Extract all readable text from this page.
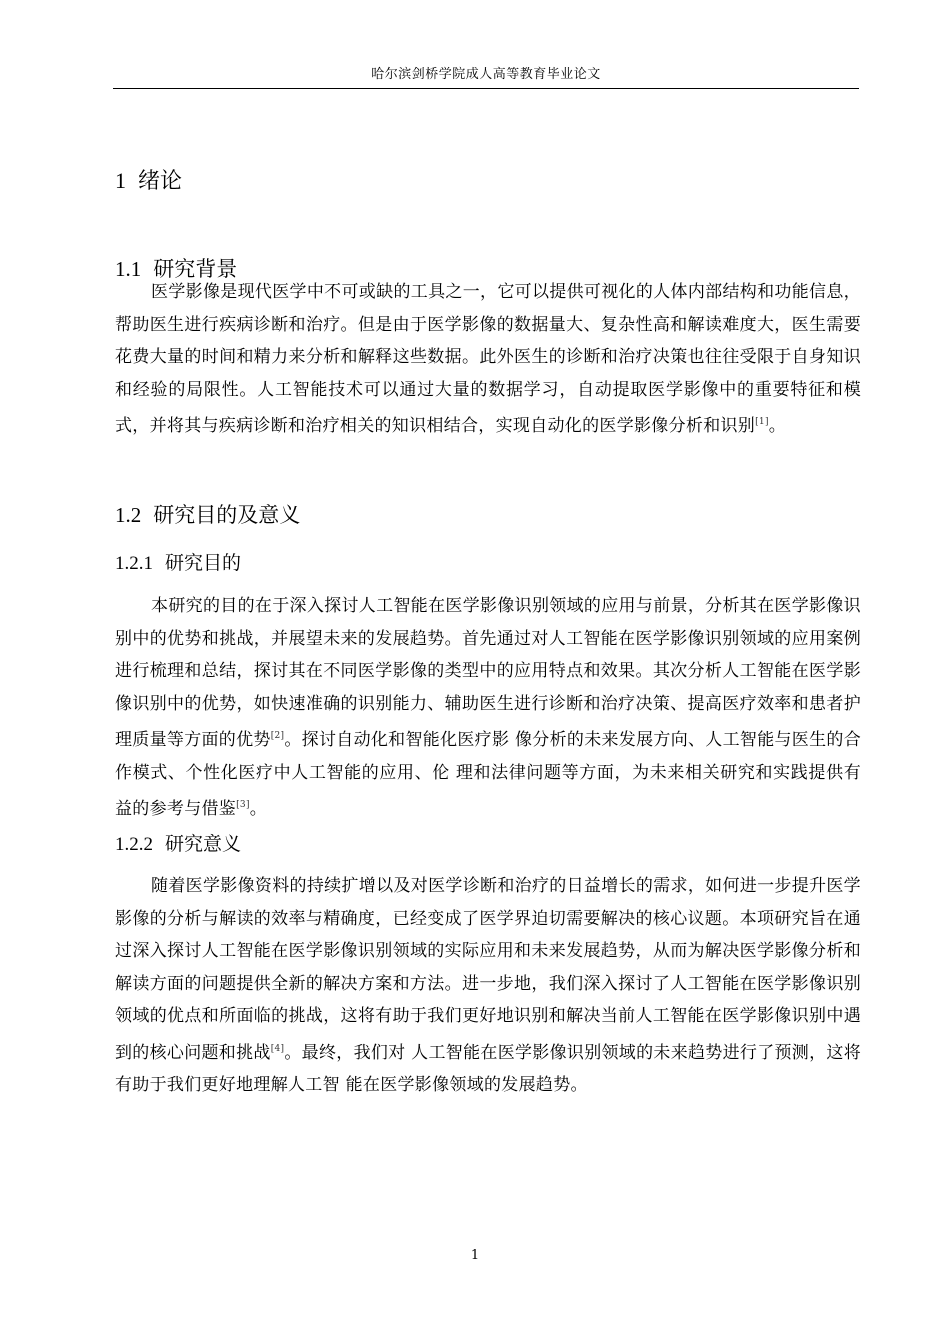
哈尔滨剑桥学院成人高等教育毕业论文
1 绪论
1.1 研究背景

医学影像是现代医学中不可或缺的工具之一，它可以提供可视化的人体内部结构和功能信息，帮助医生进行疾病诊断和治疗。但是由于医学影像的数据量大、复杂性高和解读难度大，医生需要花费大量的时间和精力来分析和解释这些数据。此外医生的诊断和治疗决策也往往受限于自身知识和经验的局限性。人工智能技术可以通过大量的数据学习，自动提取医学影像中的重要特征和模式，并将其与疾病诊断和治疗相关的知识相结合，实现自动化的医学影像分析和识别[1]。

1.2 研究目的及意义
1.2.1 研究目的

本研究的目的在于深入探讨人工智能在医学影像识别领域的应用与前景，分析其在医学影像识别中的优势和挑战，并展望未来的发展趋势。首先通过对人工智能在医学影像识别领域的应用案例进行梳理和总结，探讨其在不同医学影像的类型中的应用特点和效果。其次分析人工智能在医学影像识别中的优势，如快速准确的识别能力、辅助医生进行诊断和治疗决策、提高医疗效率和患者护理质量等方面的优势[2]。探讨自动化和智能化医疗影 像分析的未来发展方向、人工智能与医生的合作模式、个性化医疗中人工智能的应用、伦 理和法律问题等方面，为未来相关研究和实践提供有益的参考与借鉴[3]。

1.2.2 研究意义

随着医学影像资料的持续扩增以及对医学诊断和治疗的日益增长的需求，如何进一步提升医学影像的分析与解读的效率与精确度，已经变成了医学界迫切需要解决的核心议题。本项研究旨在通过深入探讨人工智能在医学影像识别领域的实际应用和未来发展趋势，从而为解决医学影像分析和解读方面的问题提供全新的解决方案和方法。进一步地，我们深入探讨了人工智能在医学影像识别领域的优点和所面临的挑战，这将有助于我们更好地识别和解决当前人工智能在医学影像识别中遇到的核心问题和挑战[4]。最终，我们对 人工智能在医学影像识别领域的未来趋势进行了预测，这将有助于我们更好地理解人工智 能在医学影像领域的发展趋势。

1
